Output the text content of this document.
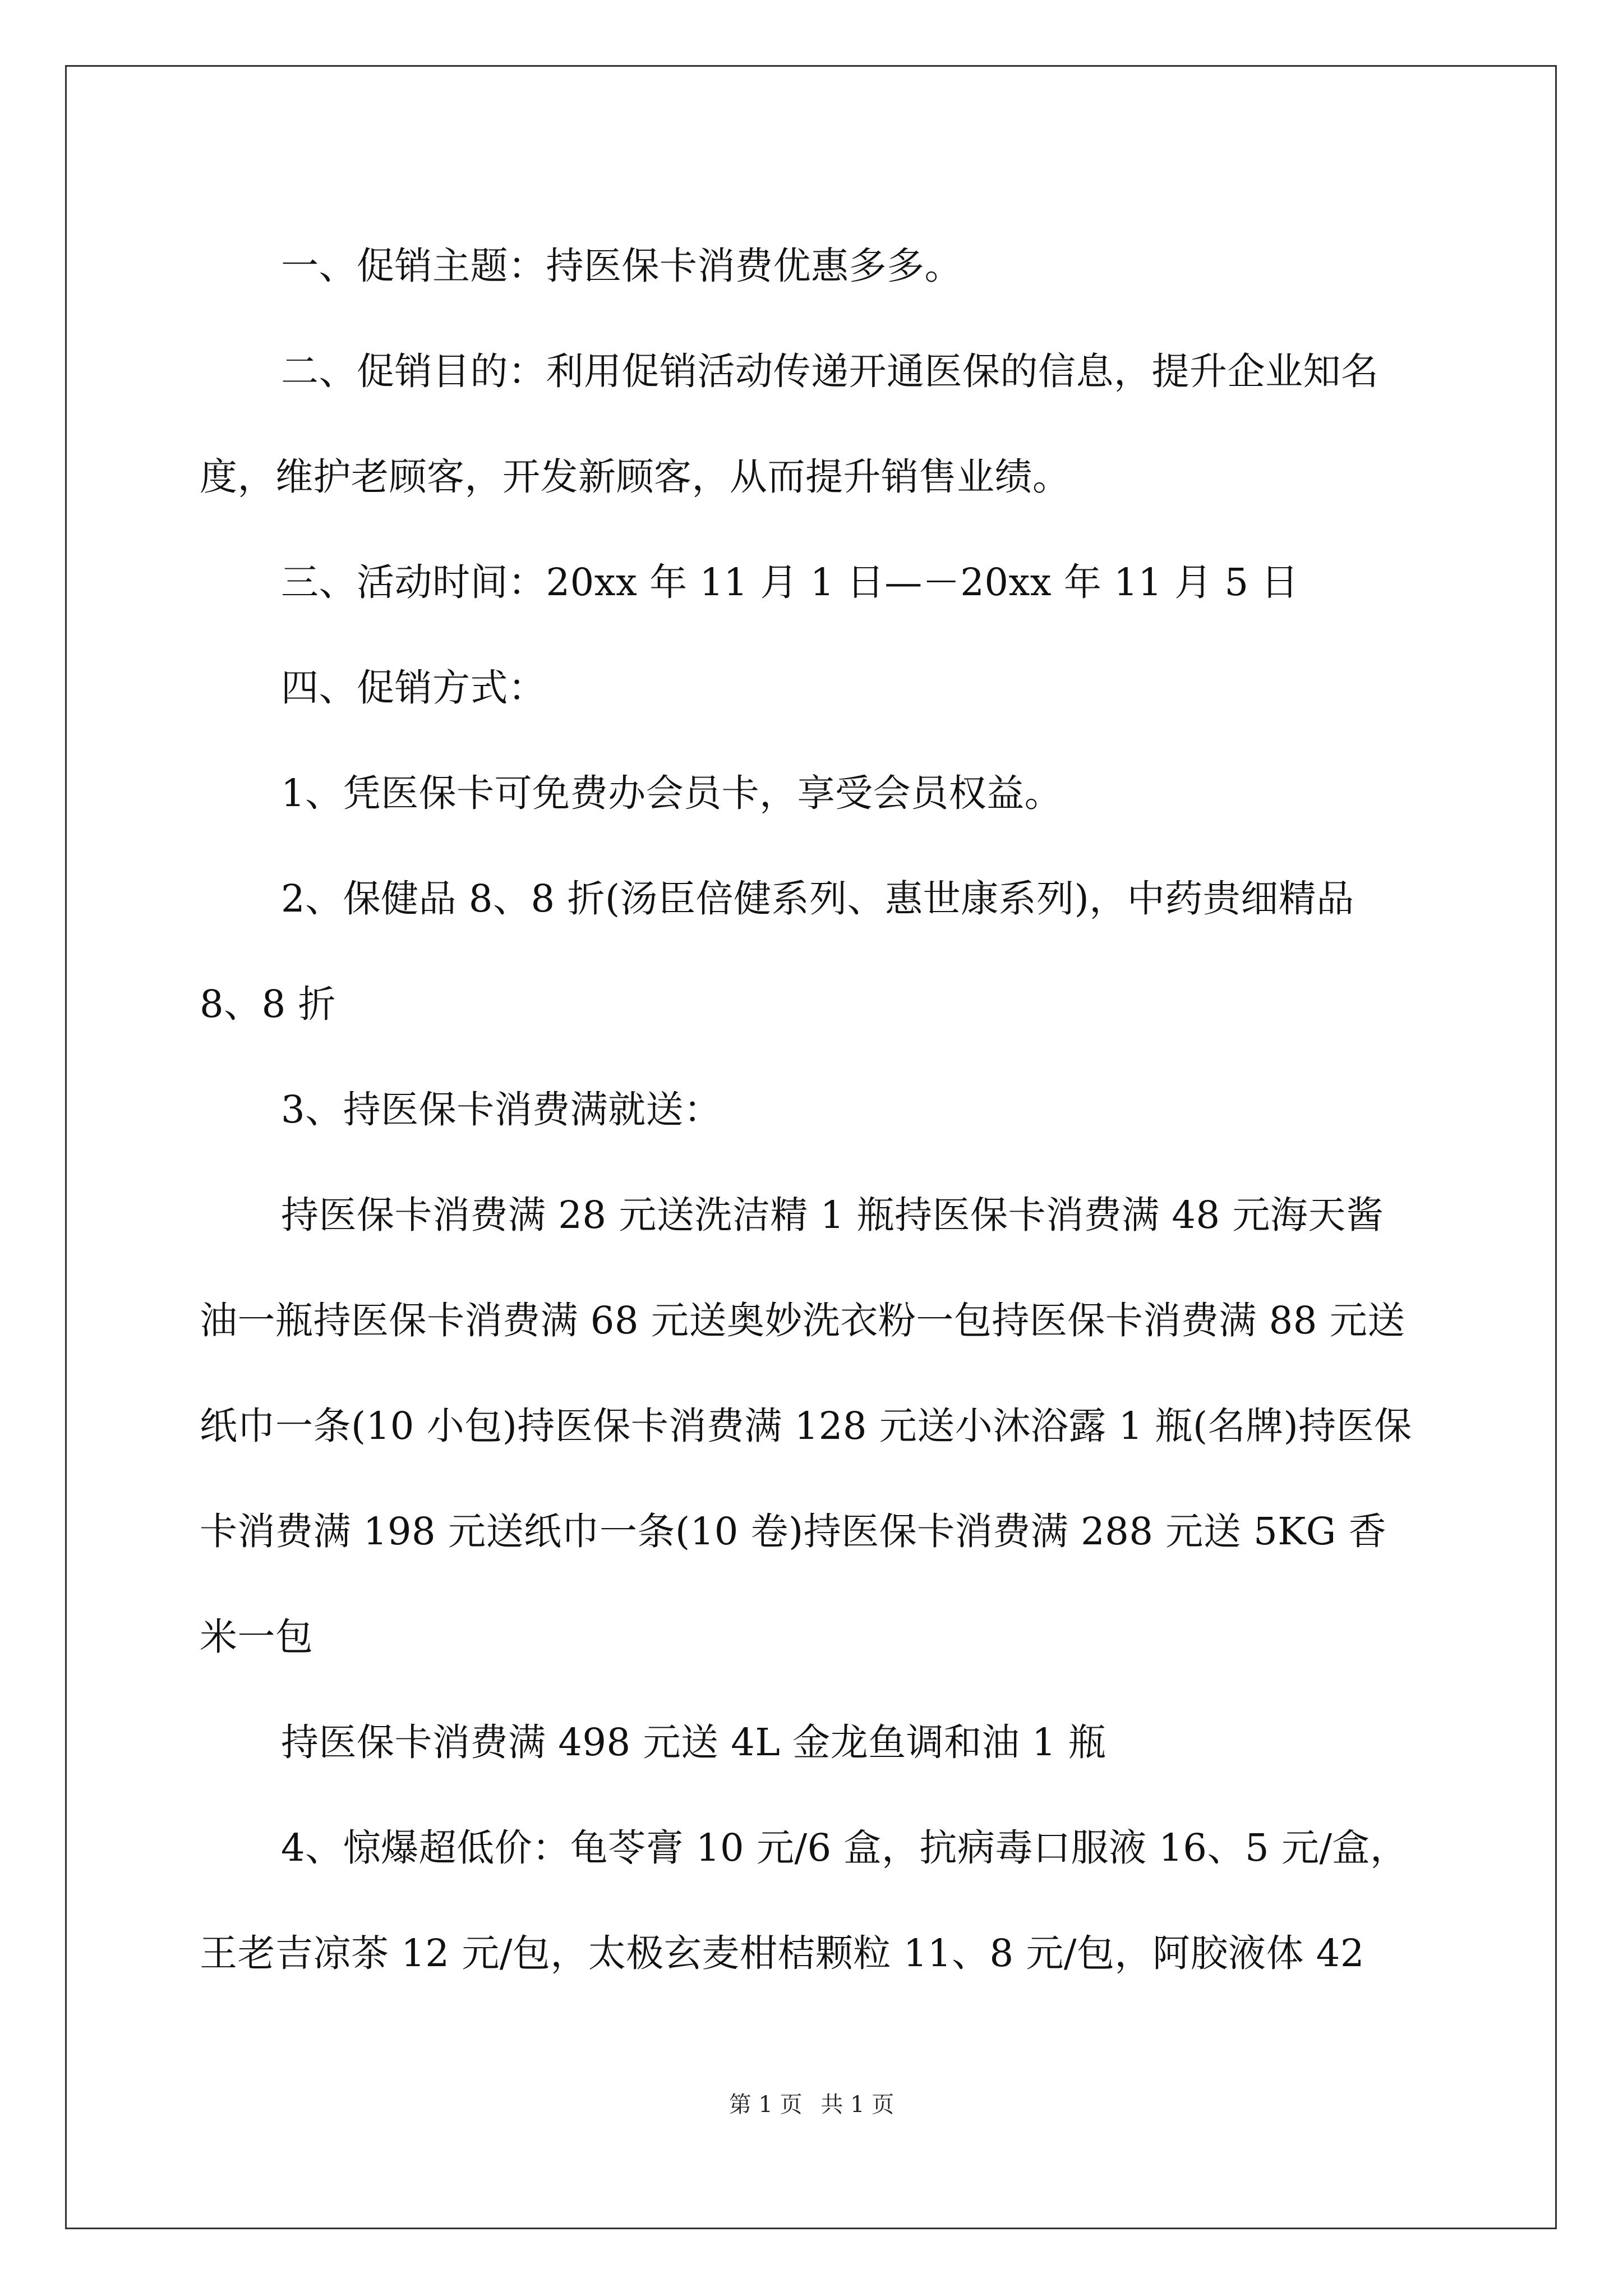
一、促销主题：持医保卡消费优惠多多。

二、促销目的：利用促销活动传递开通医保的信息，提升企业知名度，维护老顾客，开发新顾客，从而提升销售业绩。

三、活动时间：20xx 年 11 月 1 日—－20xx 年 11 月 5 日

四、促销方式：

1、凭医保卡可免费办会员卡，享受会员权益。

2、保健品 8、8 折(汤臣倍健系列、惠世康系列)，中药贵细精品 8、8 折

3、持医保卡消费满就送：

持医保卡消费满 28 元送洗洁精 1 瓶持医保卡消费满 48 元海天酱油一瓶持医保卡消费满 68 元送奥妙洗衣粉一包持医保卡消费满 88 元送纸巾一条(10 小包)持医保卡消费满 128 元送小沐浴露 1 瓶(名牌)持医保卡消费满 198 元送纸巾一条(10 卷)持医保卡消费满 288 元送 5KG 香米一包

持医保卡消费满 498 元送 4L 金龙鱼调和油 1 瓶

4、惊爆超低价：龟苓膏 10 元/6 盒，抗病毒口服液 16、5 元/盒，王老吉凉茶 12 元/包，太极玄麦柑桔颗粒 11、8 元/包，阿胶液体 42

第 1 页 共 1 页
